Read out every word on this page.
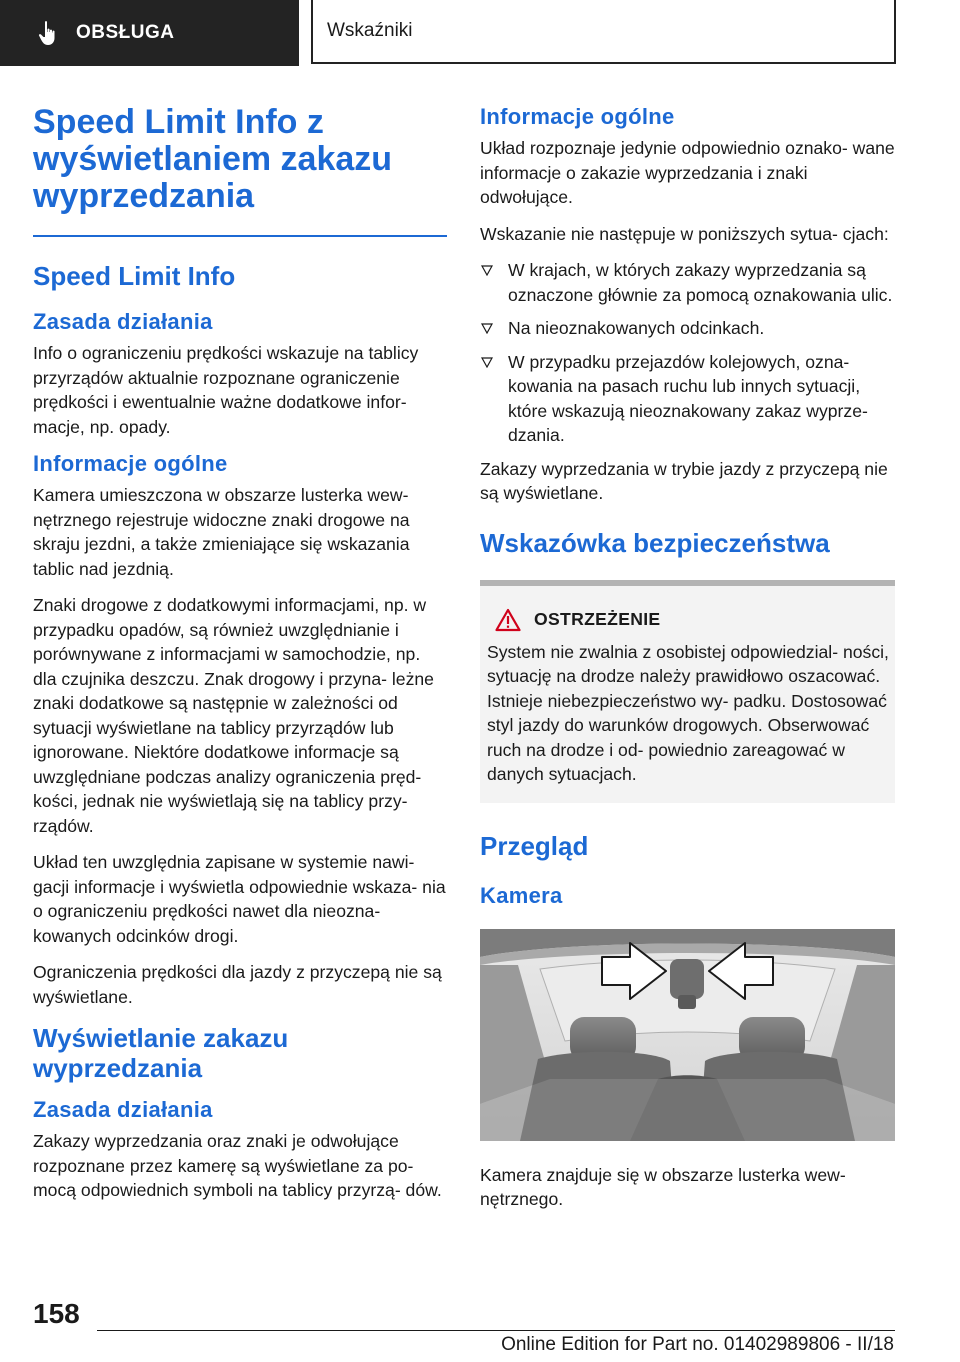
OBSŁUGA	Wskaźniki
Speed Limit Info z wyświetlaniem zakazu wyprzedzania
Speed Limit Info
Zasada działania

Info o ograniczeniu prędkości wskazuje na tablicy przyrządów aktualnie rozpoznane ograniczenie prędkości i ewentualnie ważne dodatkowe infor- macje, np. opady.

Informacje ogólne

Kamera umieszczona w obszarze lusterka wew- nętrznego rejestruje widoczne znaki drogowe na skraju jezdni, a także zmieniające się wskazania tablic nad jezdnią.

Znaki drogowe z dodatkowymi informacjami, np. w przypadku opadów, są również uwzględnianie i porównywane z informacjami w samochodzie, np. dla czujnika deszczu. Znak drogowy i przyna- leżne znaki dodatkowe są następnie w zależności od sytuacji wyświetlane na tablicy przyrządów lub ignorowane. Niektóre dodatkowe informacje są uwzględniane podczas analizy ograniczenia pręd- kości, jednak nie wyświetlają się na tablicy przy- rządów.

Układ ten uwzględnia zapisane w systemie nawi- gacji informacje i wyświetla odpowiednie wskaza- nia o ograniczeniu prędkości nawet dla nieozna- kowanych odcinków drogi.

Ograniczenia prędkości dla jazdy z przyczepą nie są wyświetlane.

Wyświetlanie zakazu wyprzedzania
Zasada działania

Zakazy wyprzedzania oraz znaki je odwołujące rozpoznane przez kamerę są wyświetlane za po- mocą odpowiednich symboli na tablicy przyrzą- dów.

Informacje ogólne

Układ rozpoznaje jedynie odpowiednio oznako- wane informacje o zakazie wyprzedzania i znaki odwołujące.

Wskazanie nie następuje w poniższych sytua- cjach:

W krajach, w których zakazy wyprzedzania są oznaczone głównie za pomocą oznakowania ulic.
Na nieoznakowanych odcinkach.
W przypadku przejazdów kolejowych, ozna- kowania na pasach ruchu lub innych sytuacji, które wskazują nieoznakowany zakaz wyprze- dzania.

Zakazy wyprzedzania w trybie jazdy z przyczepą nie są wyświetlane.

Wskazówka bezpieczeństwa
OSTRZEŻENIE

System nie zwalnia z osobistej odpowiedzial- ności, sytuację na drodze należy prawidłowo oszacować. Istnieje niebezpieczeństwo wy- padku. Dostosować styl jazdy do warunków drogowych. Obserwować ruch na drodze i od- powiednio zareagować w danych sytuacjach.

Przegląd
Kamera

Kamera znajduje się w obszarze lusterka wew- nętrznego.

158
Online Edition for Part no. 01402989806 - II/18
